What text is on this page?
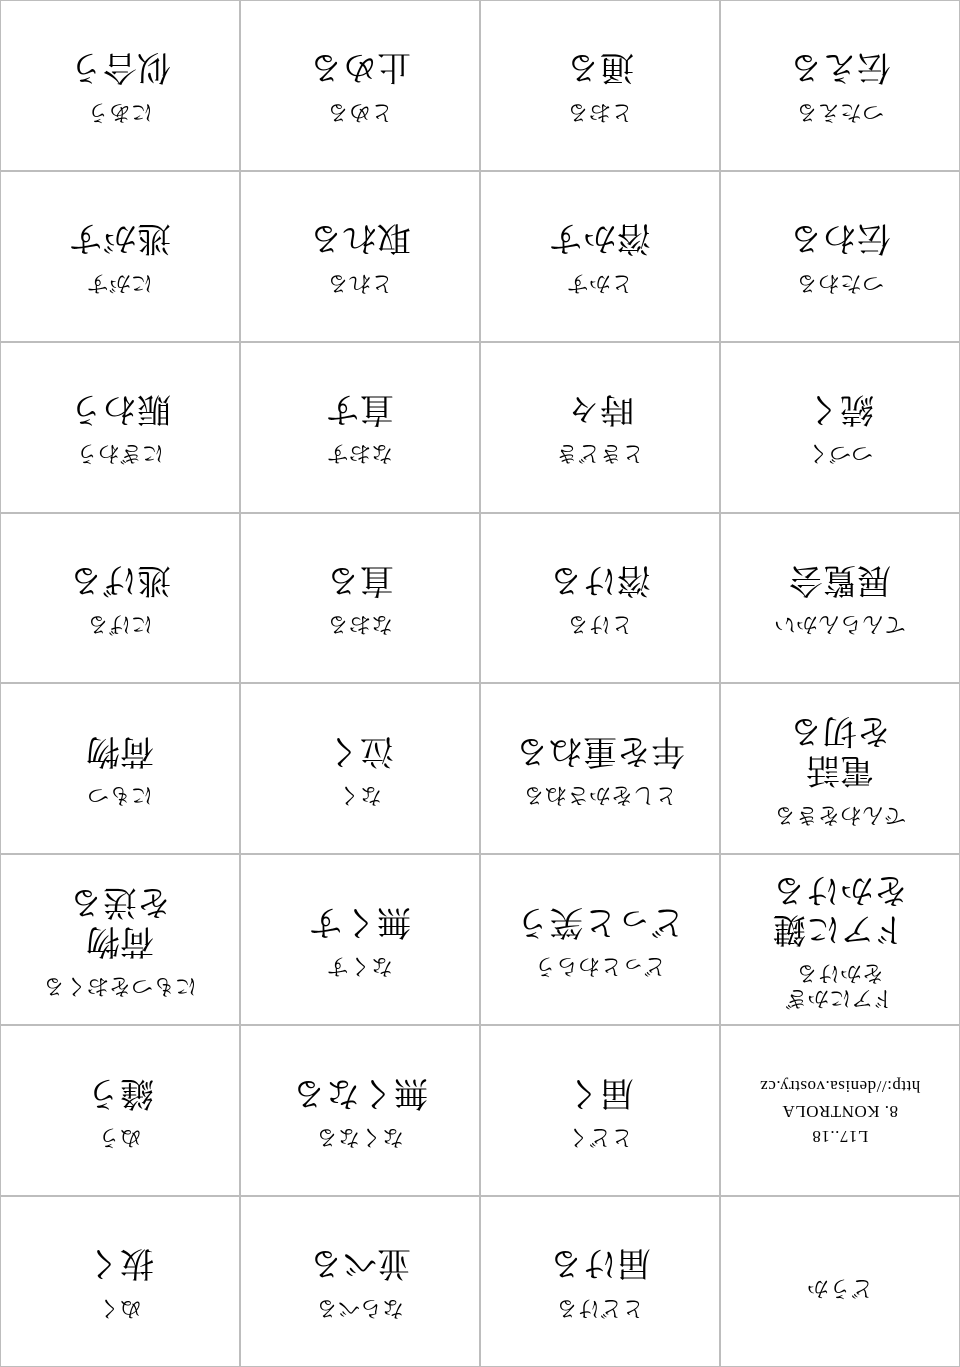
どうか
とどける
届ける
ならべる
並べる
ぬく
抜く
L17..18
8. KONTROLA
http://denisa.vostry.cz
とどく
届く
なくなる
無くなる
ぬう
縫う
ドアにかぎ
をかける
ドアに鍵
をかける
どっとわらう
どっと笑う
なくす
無くす
にもつをおくる
荷物
を送る
でんわをきる
電話
を切る
としをかさねる
年を重ねる
なく
泣く
にもつ
荷物
てんらんかい
展覧会
とける
溶ける
なおる
直る
にげる
逃げる
つづく
続く
ときどき
時々
なおす
直す
にぎわう
賑わう
つたわる
伝わる
とかす
溶かす
とれる
取れる
にがす
逃がす
つたえる
伝える
とおる
通る
とめる
止める
にあう
似合う
